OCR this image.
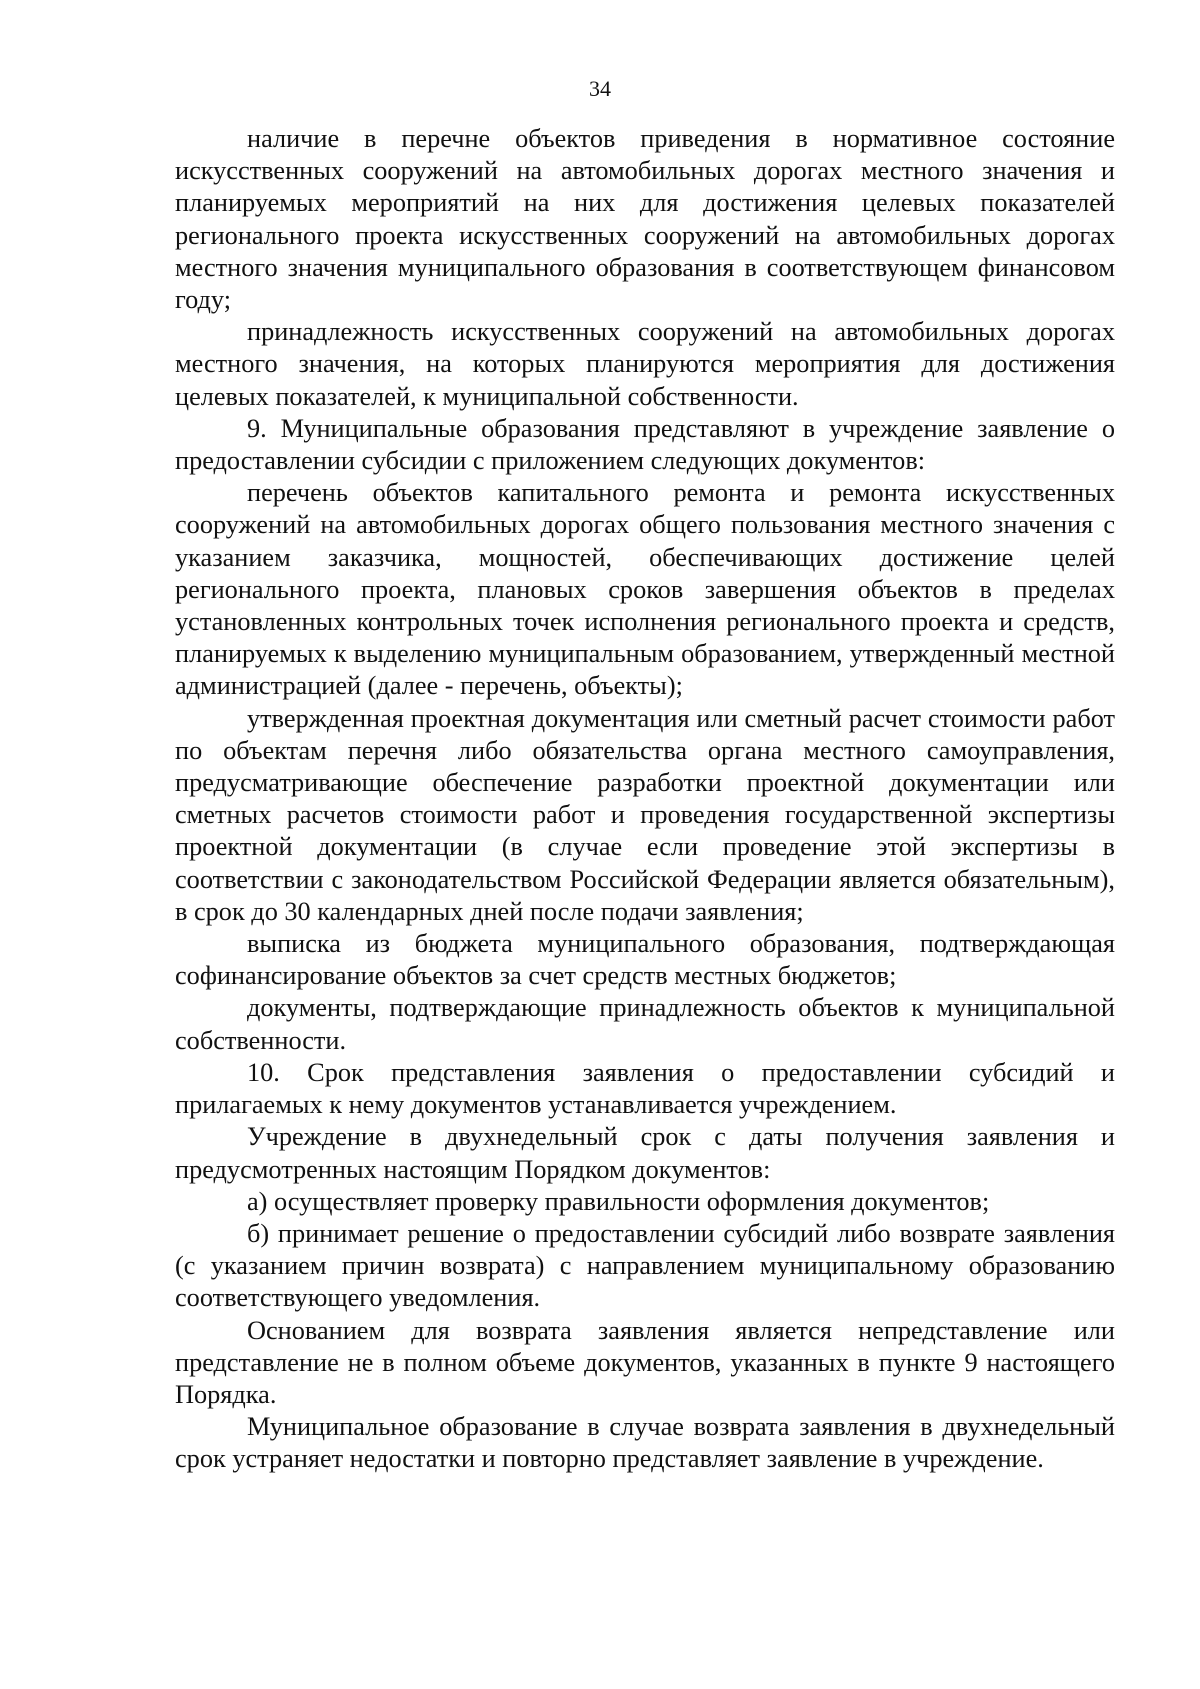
34

наличие в перечне объектов приведения в нормативное состояние искусственных сооружений на автомобильных дорогах местного значения и планируемых мероприятий на них для достижения целевых показателей регионального проекта искусственных сооружений на автомобильных дорогах местного значения муниципального образования в соответствующем финансовом году;

принадлежность искусственных сооружений на автомобильных дорогах местного значения, на которых планируются мероприятия для достижения целевых показателей, к муниципальной собственности.

9. Муниципальные образования представляют в учреждение заявление о предоставлении субсидии с приложением следующих документов:

перечень объектов капитального ремонта и ремонта искусственных сооружений на автомобильных дорогах общего пользования местного значения с указанием заказчика, мощностей, обеспечивающих достижение целей регионального проекта, плановых сроков завершения объектов в пределах установленных контрольных точек исполнения регионального проекта и средств, планируемых к выделению муниципальным образованием, утвержденный местной администрацией (далее - перечень, объекты);

утвержденная проектная документация или сметный расчет стоимости работ по объектам перечня либо обязательства органа местного самоуправления, предусматривающие обеспечение разработки проектной документации или сметных расчетов стоимости работ и проведения государственной экспертизы проектной документации (в случае если проведение этой экспертизы в соответствии с законодательством Российской Федерации является обязательным), в срок до 30 календарных дней после подачи заявления;

выписка из бюджета муниципального образования, подтверждающая софинансирование объектов за счет средств местных бюджетов;

документы, подтверждающие принадлежность объектов к муниципальной собственности.

10. Срок представления заявления о предоставлении субсидий и прилагаемых к нему документов устанавливается учреждением.

Учреждение в двухнедельный срок с даты получения заявления и предусмотренных настоящим Порядком документов:

а) осуществляет проверку правильности оформления документов;

б) принимает решение о предоставлении субсидий либо возврате заявления (с указанием причин возврата) с направлением муниципальному образованию соответствующего уведомления.

Основанием для возврата заявления является непредставление или представление не в полном объеме документов, указанных в пункте 9 настоящего Порядка.

Муниципальное образование в случае возврата заявления в двухнедельный срок устраняет недостатки и повторно представляет заявление в учреждение.
